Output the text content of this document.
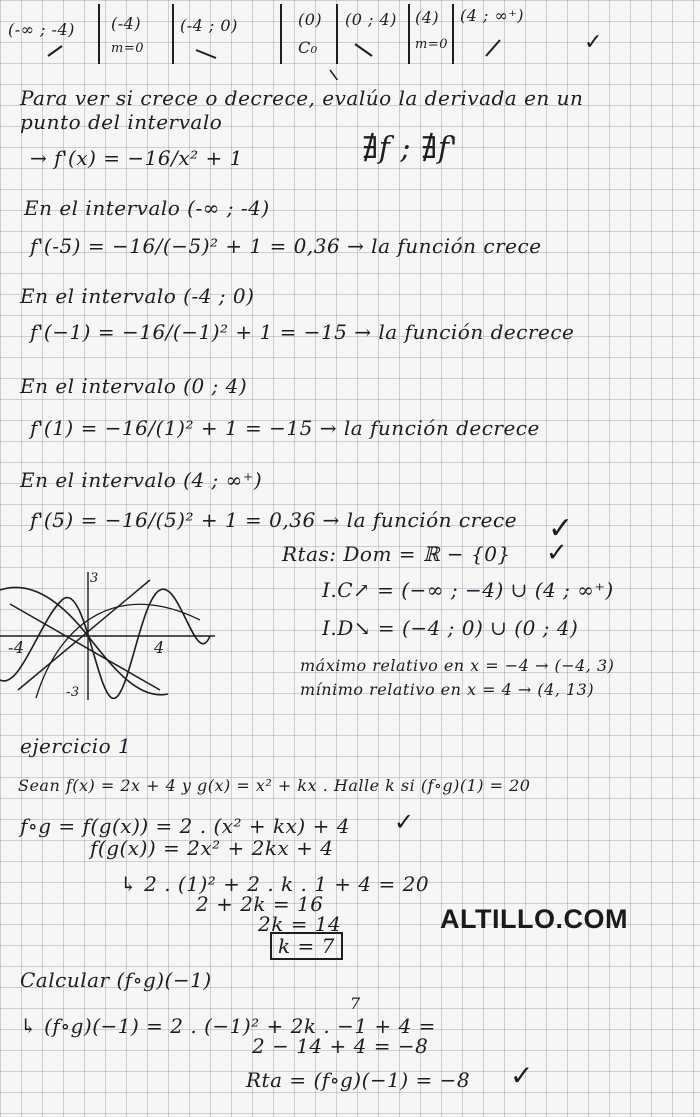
(-∞ ; -4) (-4)
m=0
(-4 ; 0)	(0)
C₀
(0 ; 4) (4)
m=0
(4 ; ∞⁺)
✓
Para ver si crece o decrece, evalúo la derivada en un
punto del intervalo
∄f ; ∄f'
→ f'(x) = −16/x² + 1
En el intervalo (-∞ ; -4)
f'(-5) = −16/(−5)² + 1 = 0,36 → la función crece
En el intervalo (-4 ; 0)
f'(−1) = −16/(−1)² + 1 = −15 → la función decrece
En el intervalo (0 ; 4)
f'(1) = −16/(1)² + 1 = −15 → la función decrece
En el intervalo (4 ; ∞⁺)
f'(5) = −16/(5)² + 1 = 0,36 → la función crece ✓
Rtas: Dom = ℝ − {0} ✓
I.C↗ = (−∞ ; −4) ∪ (4 ; ∞⁺)
I.D↘ = (−4 ; 0) ∪ (0 ; 4)
máximo relativo en x = −4 → (−4, 3)
mínimo relativo en x = 4 → (4, 13)
3
-3
-4	4
ejercicio 1
Sean f(x) = 2x + 4 y g(x) = x² + kx . Halle k si (f∘g)(1) = 20
f∘g = f(g(x)) = 2 . (x² + kx) + 4 ✓
f(g(x)) = 2x² + 2kx + 4
↳ 2 . (1)² + 2 . k . 1 + 4 = 20
2 + 2k = 16
2k = 14
k = 7
ALTILLO.COM
Calcular (f∘g)(−1)
7
↳ (f∘g)(−1) = 2 . (−1)² + 2k . −1 + 4 =
2 − 14 + 4 = −8
Rta = (f∘g)(−1) = −8 ✓
